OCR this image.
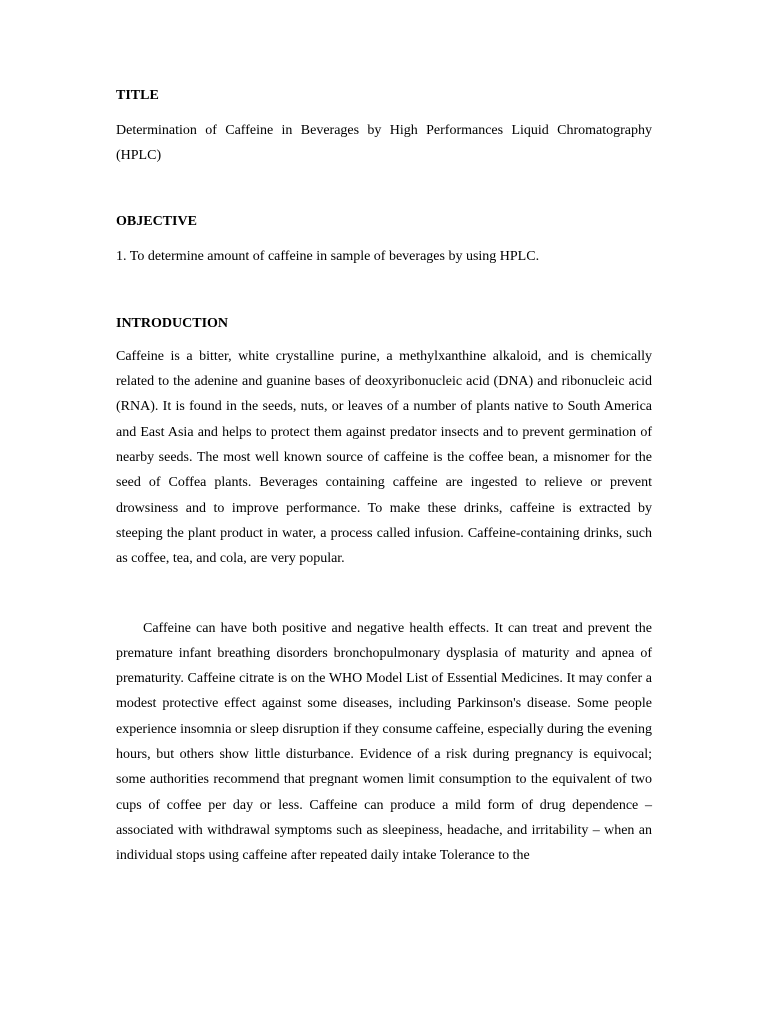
TITLE

Determination of Caffeine in Beverages by High Performances Liquid Chromatography (HPLC)

OBJECTIVE

1. To determine amount of caffeine in sample of beverages by using HPLC.

INTRODUCTION

Caffeine is a bitter, white crystalline purine, a methylxanthine alkaloid, and is chemically related to the adenine and guanine bases of deoxyribonucleic acid (DNA) and ribonucleic acid (RNA). It is found in the seeds, nuts, or leaves of a number of plants native to South America and East Asia and helps to protect them against predator insects and to prevent germination of nearby seeds. The most well known source of caffeine is the coffee bean, a misnomer for the seed of Coffea plants. Beverages containing caffeine are ingested to relieve or prevent drowsiness and to improve performance. To make these drinks, caffeine is extracted by steeping the plant product in water, a process called infusion. Caffeine-containing drinks, such as coffee, tea, and cola, are very popular.

Caffeine can have both positive and negative health effects. It can treat and prevent the premature infant breathing disorders bronchopulmonary dysplasia of maturity and apnea of prematurity. Caffeine citrate is on the WHO Model List of Essential Medicines. It may confer a modest protective effect against some diseases, including Parkinson's disease. Some people experience insomnia or sleep disruption if they consume caffeine, especially during the evening hours, but others show little disturbance. Evidence of a risk during pregnancy is equivocal; some authorities recommend that pregnant women limit consumption to the equivalent of two cups of coffee per day or less. Caffeine can produce a mild form of drug dependence – associated with withdrawal symptoms such as sleepiness, headache, and irritability – when an individual stops using caffeine after repeated daily intake Tolerance to the
